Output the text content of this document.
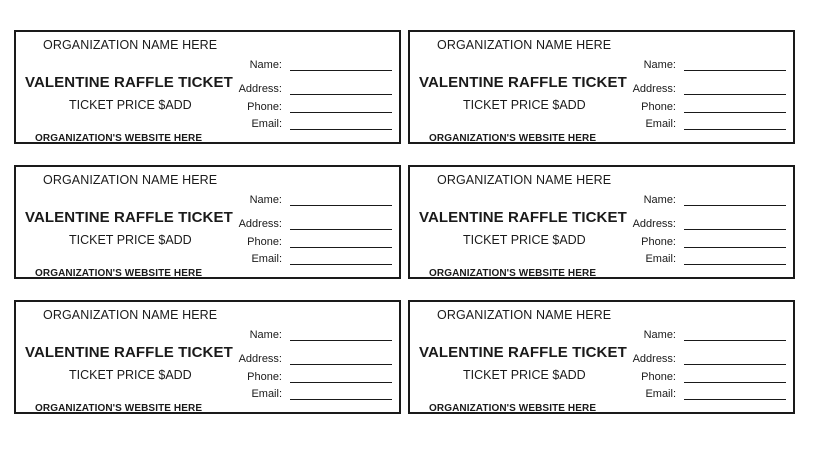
ORGANIZATION NAME HERE
VALENTINE RAFFLE TICKET
TICKET PRICE $ADD
ORGANIZATION'S WEBSITE HERE
Name:
Address:
Phone:
Email:
ORGANIZATION NAME HERE
VALENTINE RAFFLE TICKET
TICKET PRICE $ADD
ORGANIZATION'S WEBSITE HERE
Name:
Address:
Phone:
Email:
ORGANIZATION NAME HERE
VALENTINE RAFFLE TICKET
TICKET PRICE $ADD
ORGANIZATION'S WEBSITE HERE
Name:
Address:
Phone:
Email:
ORGANIZATION NAME HERE
VALENTINE RAFFLE TICKET
TICKET PRICE $ADD
ORGANIZATION'S WEBSITE HERE
Name:
Address:
Phone:
Email:
ORGANIZATION NAME HERE
VALENTINE RAFFLE TICKET
TICKET PRICE $ADD
ORGANIZATION'S WEBSITE HERE
Name:
Address:
Phone:
Email:
ORGANIZATION NAME HERE
VALENTINE RAFFLE TICKET
TICKET PRICE $ADD
ORGANIZATION'S WEBSITE HERE
Name:
Address:
Phone:
Email:
